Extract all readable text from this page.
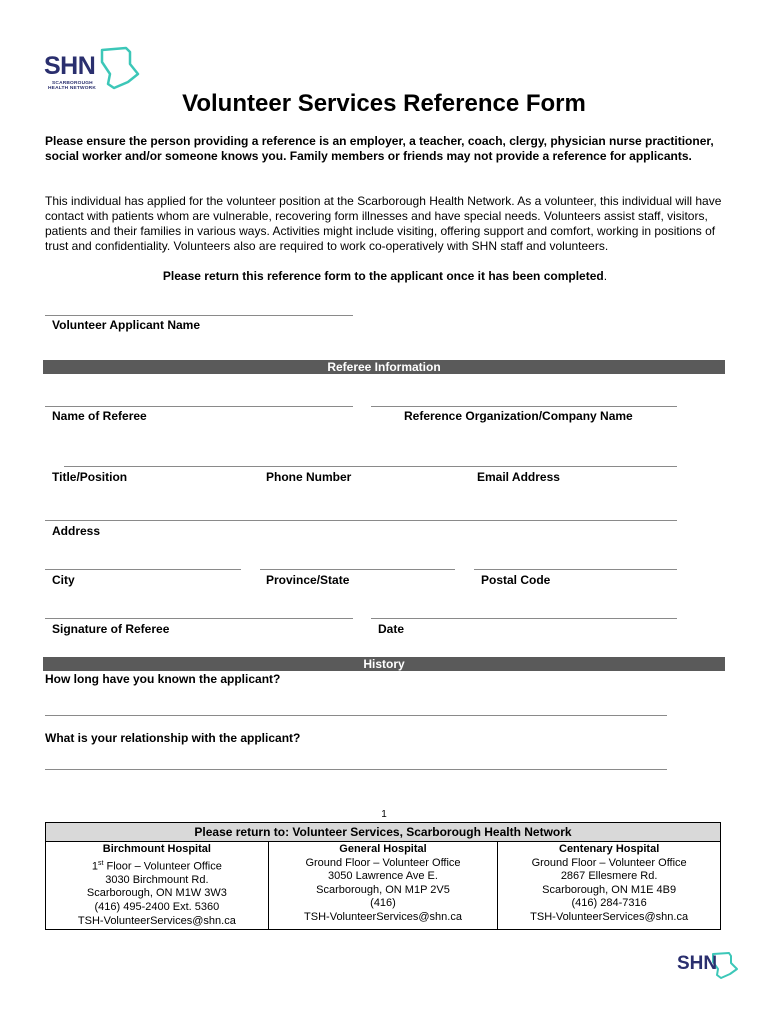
SHN
SCARBOROUGH
HEALTH NETWORK
Volunteer Services Reference Form
Please ensure the person providing a reference is an employer, a teacher, coach, clergy, physician nurse practitioner, social worker and/or someone knows you. Family members or friends may not provide a reference for applicants.
This individual has applied for the volunteer position at the Scarborough Health Network. As a volunteer, this individual will have contact with patients whom are vulnerable, recovering form illnesses and have special needs. Volunteers assist staff, visitors, patients and their families in various ways. Activities might include visiting, offering support and comfort, working in positions of trust and confidentiality. Volunteers also are required to work co-operatively with SHN staff and volunteers.
Please return this reference form to the applicant once it has been completed.
Volunteer Applicant Name
Referee Information
Name of Referee	Reference Organization/Company Name
Title/Position	Phone Number	Email Address
Address
City	Province/State	Postal Code
Signature of Referee	Date
History
How long have you known the applicant?
What is your relationship with the applicant?
1
Please return to: Volunteer Services, Scarborough Health Network

Birchmount Hospital
1st Floor – Volunteer Office
3030 Birchmount Rd.
Scarborough, ON M1W 3W3
(416) 495-2400 Ext. 5360
TSH-VolunteerServices@shn.ca

General Hospital
Ground Floor – Volunteer Office
3050 Lawrence Ave E.
Scarborough, ON M1P 2V5
(416)
TSH-VolunteerServices@shn.ca

Centenary Hospital
Ground Floor – Volunteer Office
2867 Ellesmere Rd.
Scarborough, ON M1E 4B9
(416) 284-7316
TSH-VolunteerServices@shn.ca
SHN
